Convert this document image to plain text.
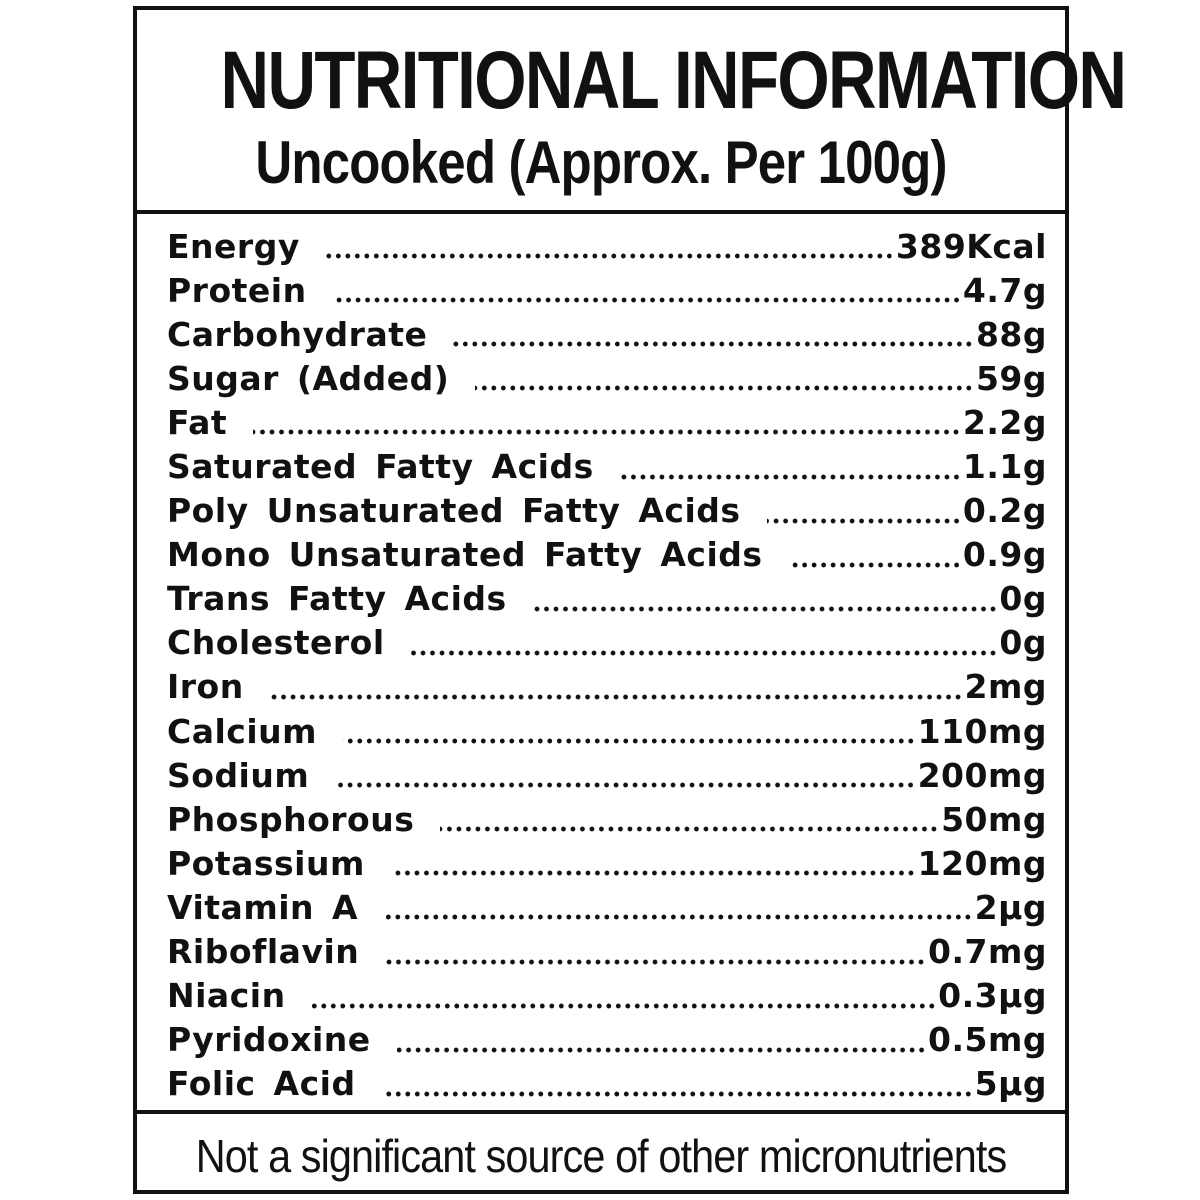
NUTRITIONAL INFORMATION
Uncooked (Approx. Per 100g)
Energy	389Kcal
Protein	4.7g
Carbohydrate	88g
Sugar (Added)	59g
Fat	2.2g
Saturated Fatty Acids	1.1g
Poly Unsaturated Fatty Acids	0.2g
Mono Unsaturated Fatty Acids	0.9g
Trans Fatty Acids	0g
Cholesterol	0g
Iron	2mg
Calcium	110mg
Sodium	200mg
Phosphorous	50mg
Potassium	120mg
Vitamin A	2µg
Riboflavin	0.7mg
Niacin	0.3µg
Pyridoxine	0.5mg
Folic Acid	5µg
Not a significant source of other micronutrients
